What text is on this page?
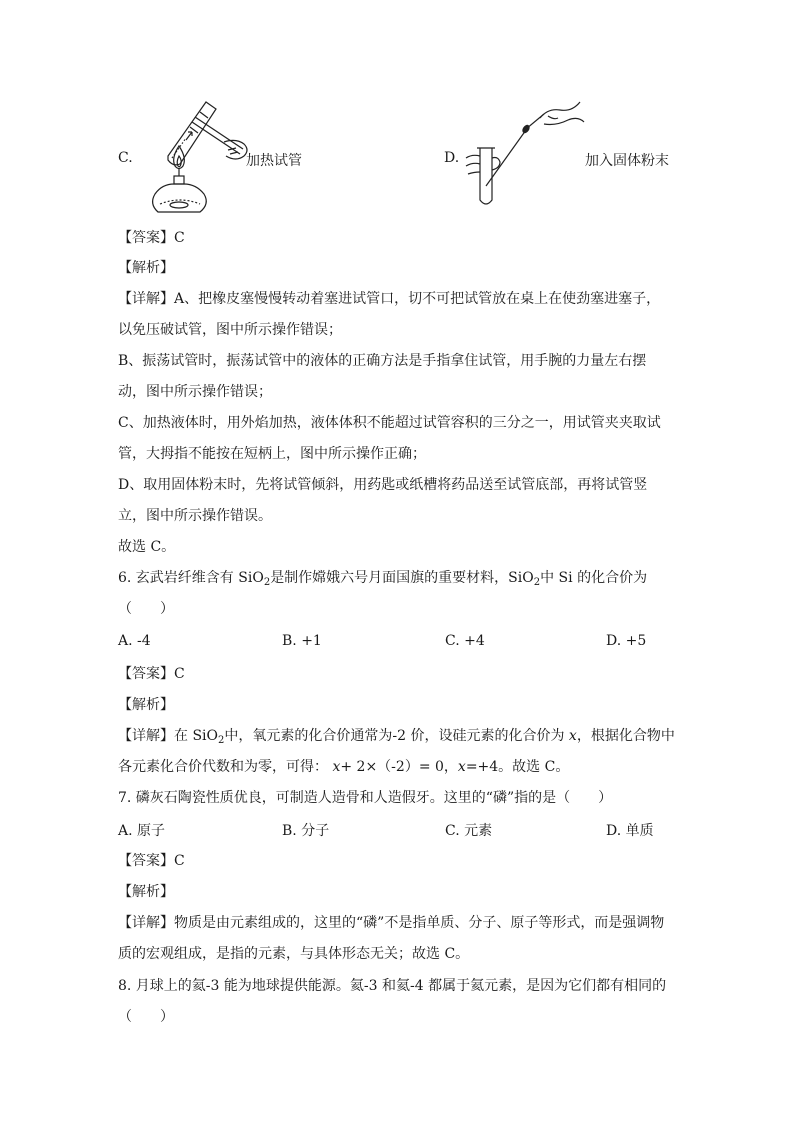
C.	加热试管	D.	加入固体粉末
【答案】C
【解析】
【详解】A、把橡皮塞慢慢转动着塞进试管口，切不可把试管放在桌上在使劲塞进塞子，
以免压破试管，图中所示操作错误；
B、振荡试管时，振荡试管中的液体的正确方法是手指拿住试管，用手腕的力量左右摆
动，图中所示操作错误；
C、加热液体时，用外焰加热，液体体积不能超过试管容积的三分之一，用试管夹夹取试
管，大拇指不能按在短柄上，图中所示操作正确；
D、取用固体粉末时，先将试管倾斜，用药匙或纸槽将药品送至试管底部，再将试管竖
立，图中所示操作错误。
故选 C。
6. 玄武岩纤维含有 SiO$_2$是制作嫦娥六号月面国旗的重要材料，SiO$_2$中 Si 的化合价为
（　　）
A. -4	B. +1	C. +4	D. +5
【答案】C
【解析】
【详解】在 SiO$_2$中，氧元素的化合价通常为-2 价，设硅元素的化合价为 x，根据化合物中
各元素化合价代数和为零，可得： x+ 2×（-2）= 0，x=+4。故选 C。
7. 磷灰石陶瓷性质优良，可制造人造骨和人造假牙。这里的“磷”指的是（　　）
A. 原子	B. 分子	C. 元素	D. 单质
【答案】C
【解析】
【详解】物质是由元素组成的，这里的“磷”不是指单质、分子、原子等形式，而是强调物
质的宏观组成，是指的元素，与具体形态无关；故选 C。
8. 月球上的氦-3 能为地球提供能源。氦-3 和氦-4 都属于氦元素，是因为它们都有相同的
（　　）
